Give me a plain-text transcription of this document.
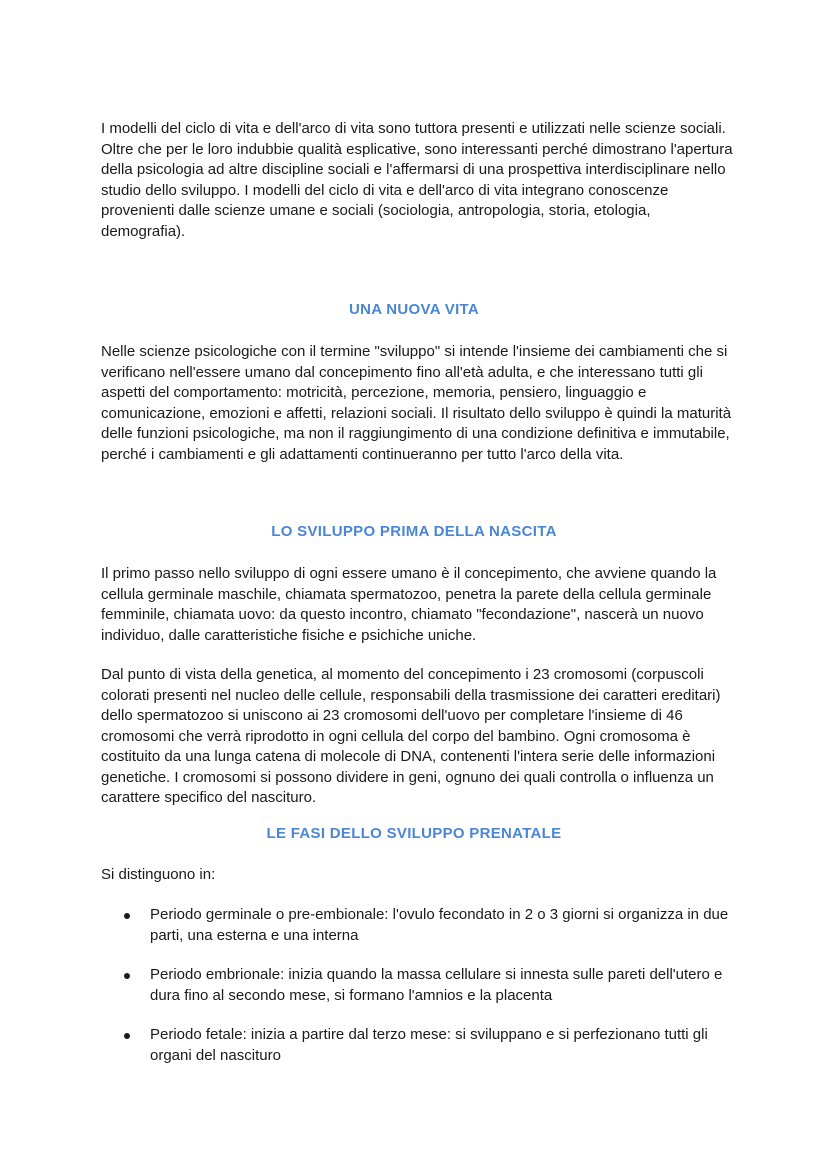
I modelli del ciclo di vita e dell'arco di vita sono tuttora presenti e utilizzati nelle scienze sociali. Oltre che per le loro indubbie qualità esplicative, sono interessanti perché dimostrano l'apertura della psicologia ad altre discipline sociali e l'affermarsi di una prospettiva interdisciplinare nello studio dello sviluppo. I modelli del ciclo di vita e dell'arco di vita integrano conoscenze provenienti dalle scienze umane e sociali (sociologia, antropologia, storia, etologia, demografia).

UNA NUOVA VITA

Nelle scienze psicologiche con il termine "sviluppo" si intende l'insieme dei cambiamenti che si verificano nell'essere umano dal concepimento fino all'età adulta, e che interessano tutti gli aspetti del comportamento: motricità, percezione, memoria, pensiero, linguaggio e comunicazione, emozioni e affetti, relazioni sociali. Il risultato dello sviluppo è quindi la maturità delle funzioni psicologiche, ma non il raggiungimento di una condizione definitiva e immutabile, perché i cambiamenti e gli adattamenti continueranno per tutto l'arco della vita.

LO SVILUPPO PRIMA DELLA NASCITA

Il primo passo nello sviluppo di ogni essere umano è il concepimento, che avviene quando la cellula germinale maschile, chiamata spermatozoo, penetra la parete della cellula germinale femminile, chiamata uovo: da questo incontro, chiamato "fecondazione", nascerà un nuovo individuo, dalle caratteristiche fisiche e psichiche uniche.

Dal punto di vista della genetica, al momento del concepimento i 23 cromosomi (corpuscoli colorati presenti nel nucleo delle cellule, responsabili della trasmissione dei caratteri ereditari) dello spermatozoo si uniscono ai 23 cromosomi dell'uovo per completare l'insieme di 46 cromosomi che verrà riprodotto in ogni cellula del corpo del bambino. Ogni cromosoma è costituito da una lunga catena di molecole di DNA, contenenti l'intera serie delle informazioni genetiche. I cromosomi si possono dividere in geni, ognuno dei quali controlla o influenza un carattere specifico del nascituro.

LE FASI DELLO SVILUPPO PRENATALE

Si distinguono in:

Periodo germinale o pre-embionale: l'ovulo fecondato in 2 o 3 giorni si organizza in due parti, una esterna e una interna
Periodo embrionale: inizia quando la massa cellulare si innesta sulle pareti dell'utero e dura fino al secondo mese, si formano l'amnios e la placenta
Periodo fetale: inizia a partire dal terzo mese: si sviluppano e si perfezionano tutti gli organi del nascituro
